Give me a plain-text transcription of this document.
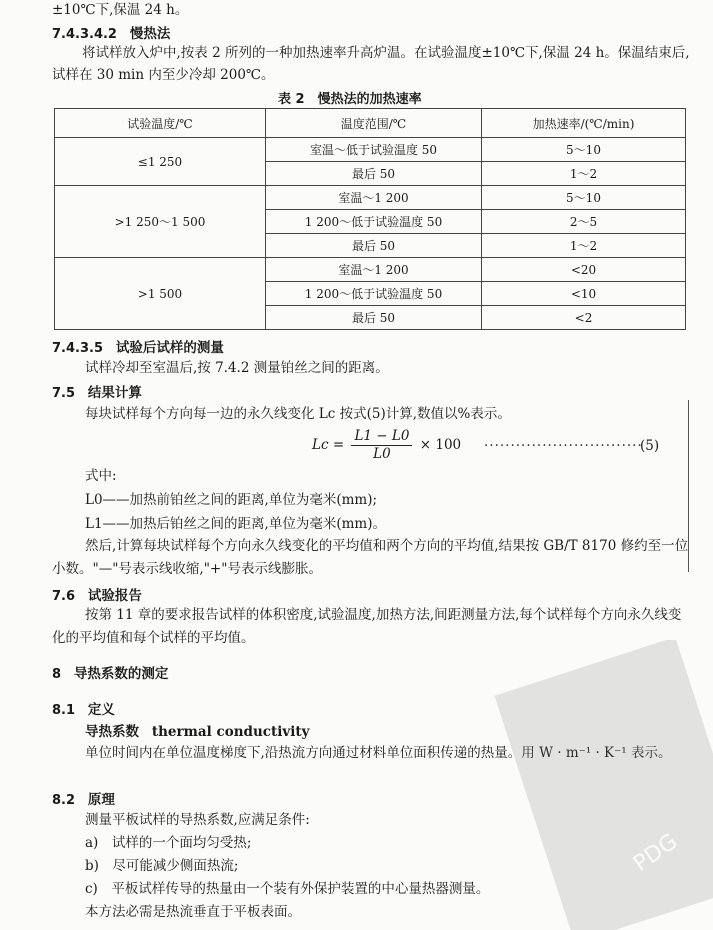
±10℃下,保温 24 h。
7.4.3.4.2 慢热法
将试样放入炉中,按表 2 所列的一种加热速率升高炉温。在试验温度±10℃下,保温 24 h。保温结束后,试样在 30 min 内至少冷却 200℃。
表 2　慢热法的加热速率
试验温度/℃	温度范围/℃	加热速率/(℃/min)
≤1 250	室温～低于试验温度 50	5～10
	最后 50	1～2
>1 250～1 500	室温～1 200	5～10
	1 200～低于试验温度 50	2～5
	最后 50	1～2
>1 500	室温～1 200	<20
	1 200～低于试验温度 50	<10
	最后 50	<2
7.4.3.5 试验后试样的测量
试样冷却至室温后,按 7.4.2 测量铂丝之间的距离。
7.5 结果计算
每块试样每个方向每一边的永久线变化 Lc 按式(5)计算,数值以%表示。
$Lc = \frac{L1 - L0}{L0} \times 100$ ······························
(5)
式中:
L0——加热前铂丝之间的距离,单位为毫米(mm);
L1——加热后铂丝之间的距离,单位为毫米(mm)。
然后,计算每块试样每个方向永久线变化的平均值和两个方向的平均值,结果按 GB/T 8170 修约至一位小数。"—"号表示线收缩,"+"号表示线膨胀。
7.6 试验报告
按第 11 章的要求报告试样的体积密度,试验温度,加热方法,间距测量方法,每个试样每个方向永久线变化的平均值和每个试样的平均值。
8 导热系数的测定
8.1 定义
导热系数 thermal conductivity
单位时间内在单位温度梯度下,沿热流方向通过材料单位面积传递的热量。用 W · m⁻¹ · K⁻¹ 表示。
8.2 原理
测量平板试样的导热系数,应满足条件:
a)　试样的一个面均匀受热;
b)　尽可能减少侧面热流;
c)　平板试样传导的热量由一个装有外保护装置的中心量热器测量。
本方法必需是热流垂直于平板表面。
PDG
